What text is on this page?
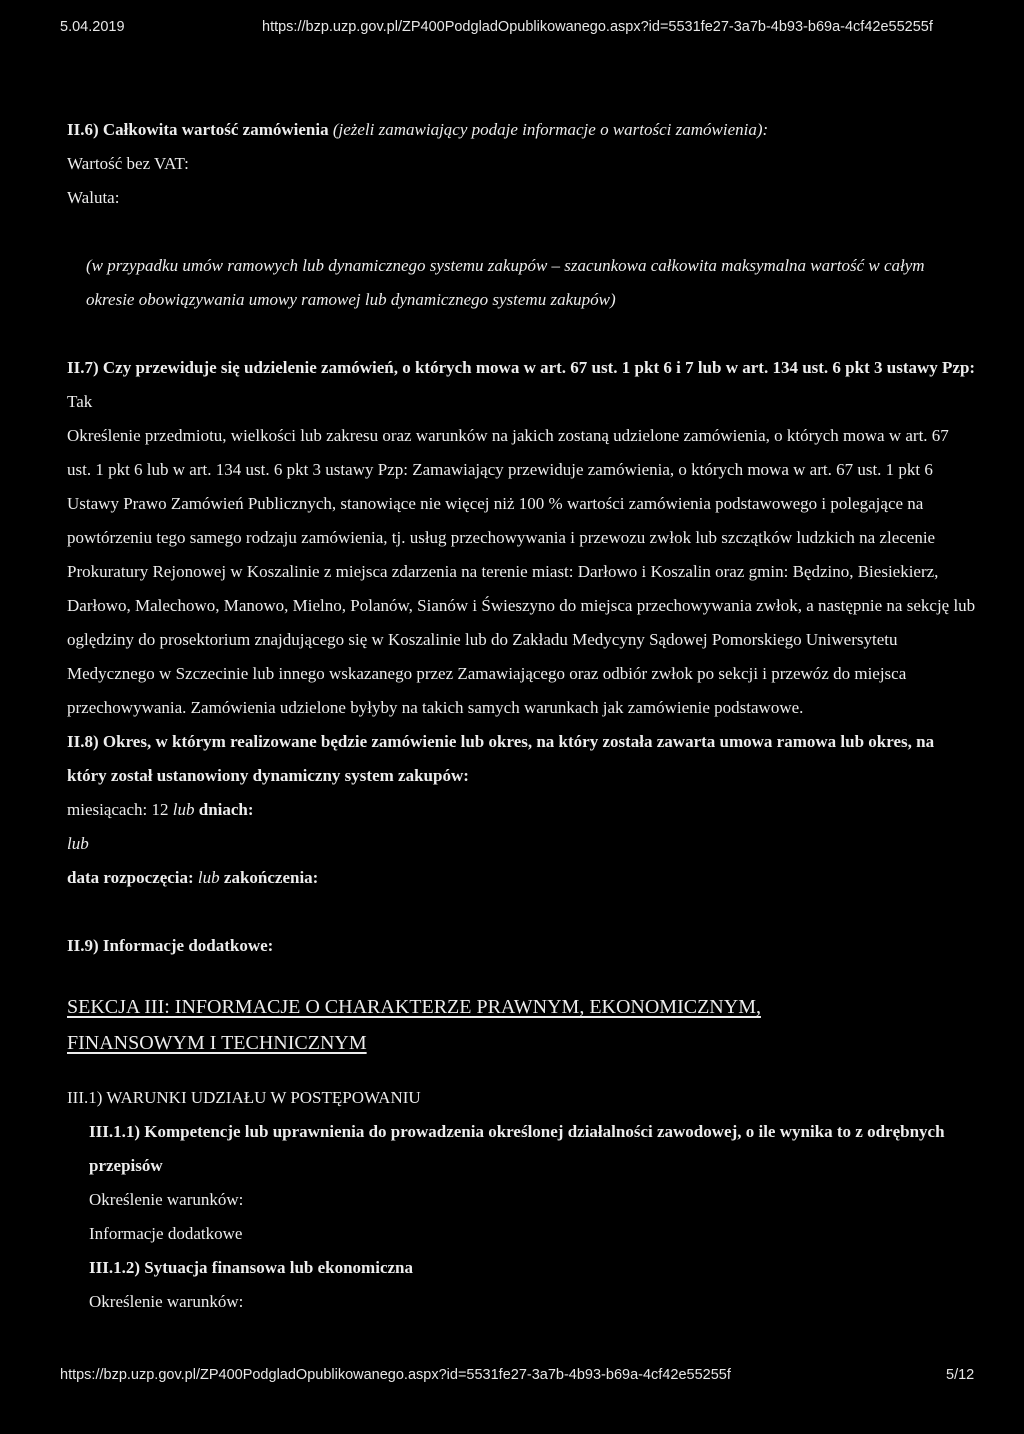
5.04.2019	https://bzp.uzp.gov.pl/ZP400PodgladOpublikowanego.aspx?id=5531fe27-3a7b-4b93-b69a-4cf42e55255f

II.6) Całkowita wartość zamówienia (jeżeli zamawiający podaje informacje o wartości zamówienia):

Wartość bez VAT:

Waluta:

(w przypadku umów ramowych lub dynamicznego systemu zakupów – szacunkowa całkowita maksymalna wartość w całym okresie obowiązywania umowy ramowej lub dynamicznego systemu zakupów)

II.7) Czy przewiduje się udzielenie zamówień, o których mowa w art. 67 ust. 1 pkt 6 i 7 lub w art. 134 ust. 6 pkt 3 ustawy Pzp: Tak

Określenie przedmiotu, wielkości lub zakresu oraz warunków na jakich zostaną udzielone zamówienia, o których mowa w art. 67 ust. 1 pkt 6 lub w art. 134 ust. 6 pkt 3 ustawy Pzp: Zamawiający przewiduje zamówienia, o których mowa w art. 67 ust. 1 pkt 6 Ustawy Prawo Zamówień Publicznych, stanowiące nie więcej niż 100 % wartości zamówienia podstawowego i polegające na powtórzeniu tego samego rodzaju zamówienia, tj. usług przechowywania i przewozu zwłok lub szczątków ludzkich na zlecenie Prokuratury Rejonowej w Koszalinie z miejsca zdarzenia na terenie miast: Darłowo i Koszalin oraz gmin: Będzino, Biesiekierz, Darłowo, Malechowo, Manowo, Mielno, Polanów, Sianów i Świeszyno do miejsca przechowywania zwłok, a następnie na sekcję lub oględziny do prosektorium znajdującego się w Koszalinie lub do Zakładu Medycyny Sądowej Pomorskiego Uniwersytetu Medycznego w Szczecinie lub innego wskazanego przez Zamawiającego oraz odbiór zwłok po sekcji i przewóz do miejsca przechowywania. Zamówienia udzielone byłyby na takich samych warunkach jak zamówienie podstawowe.

II.8) Okres, w którym realizowane będzie zamówienie lub okres, na który została zawarta umowa ramowa lub okres, na który został ustanowiony dynamiczny system zakupów:

miesiącach: 12 lub dniach:

lub

data rozpoczęcia: lub zakończenia:

II.9) Informacje dodatkowe:

SEKCJA III: INFORMACJE O CHARAKTERZE PRAWNYM, EKONOMICZNYM,
FINANSOWYM I TECHNICZNYM

III.1) WARUNKI UDZIAŁU W POSTĘPOWANIU

III.1.1) Kompetencje lub uprawnienia do prowadzenia określonej działalności zawodowej, o ile wynika to z odrębnych przepisów

Określenie warunków:

Informacje dodatkowe

III.1.2) Sytuacja finansowa lub ekonomiczna

Określenie warunków:

https://bzp.uzp.gov.pl/ZP400PodgladOpublikowanego.aspx?id=5531fe27-3a7b-4b93-b69a-4cf42e55255f	5/12
